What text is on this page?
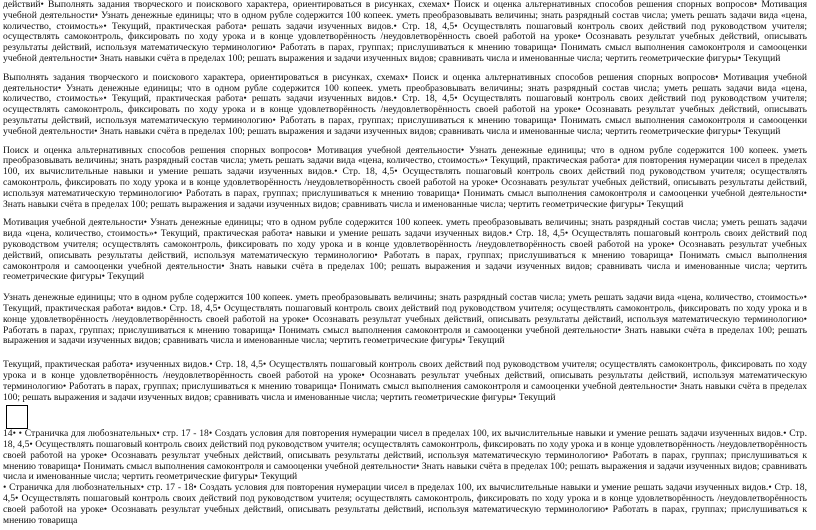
действий• Выполнять задания творческого и поискового характера, ориентироваться в рисунках, схемах• Поиск и оценка альтернативных способов решения спорных вопросов• Мотивация учебной деятельности• Узнать денежные единицы; что в одном рубле содержится 100 копеек. уметь преобразовывать величины; знать разрядный состав числа; уметь решать задачи вида «цена, количество, стоимость»• Текущий, практическая работа• решать задачи изученных видов.• Стр. 18, 4,5• Осуществлять пошаговый контроль своих действий под руководством учителя; осуществлять самоконтроль, фиксировать по ходу урока и в конце удовлетворённость /неудовлетворённость своей работой на уроке• Осознавать результат учебных действий, описывать результаты действий, используя математическую терминологию• Работать в парах, группах; прислушиваться к мнению товарища• Понимать смысл выполнения самоконтроля и самооценки учебной деятельности• Знать навыки счёта в пределах 100; решать выражения и задачи изученных видов; сравнивать числа и именованные числа; чертить геометрические фигуры• Текущий

Выполнять задания творческого и поискового характера, ориентироваться в рисунках, схемах• Поиск и оценка альтернативных способов решения спорных вопросов• Мотивация учебной деятельности• Узнать денежные единицы; что в одном рубле содержится 100 копеек. уметь преобразовывать величины; знать разрядный состав числа; уметь решать задачи вида «цена, количество, стоимость»• Текущий, практическая работа• решать задачи изученных видов.• Стр. 18, 4,5• Осуществлять пошаговый контроль своих действий под руководством учителя; осуществлять самоконтроль, фиксировать по ходу урока и в конце удовлетворённость /неудовлетворённость своей работой на уроке• Осознавать результат учебных действий, описывать результаты действий, используя математическую терминологию• Работать в парах, группах; прислушиваться к мнению товарища• Понимать смысл выполнения самоконтроля и самооценки учебной деятельности• Знать навыки счёта в пределах 100; решать выражения и задачи изученных видов; сравнивать числа и именованные числа; чертить геометрические фигуры• Текущий

Поиск и оценка альтернативных способов решения спорных вопросов• Мотивация учебной деятельности• Узнать денежные единицы; что в одном рубле содержится 100 копеек. уметь преобразовывать величины; знать разрядный состав числа; уметь решать задачи вида «цена, количество, стоимость»• Текущий, практическая работа• для повторения нумерации чисел в пределах 100, их вычислительные навыки и умение решать задачи изученных видов.• Стр. 18, 4,5• Осуществлять пошаговый контроль своих действий под руководством учителя; осуществлять самоконтроль, фиксировать по ходу урока и в конце удовлетворённость /неудовлетворённость своей работой на уроке• Осознавать результат учебных действий, описывать результаты действий, используя математическую терминологию• Работать в парах, группах; прислушиваться к мнению товарища• Понимать смысл выполнения самоконтроля и самооценки учебной деятельности• Знать навыки счёта в пределах 100; решать выражения и задачи изученных видов; сравнивать числа и именованные числа; чертить геометрические фигуры• Текущий

Мотивация учебной деятельности• Узнать денежные единицы; что в одном рубле содержится 100 копеек. уметь преобразовывать величины; знать разрядный состав числа; уметь решать задачи вида «цена, количество, стоимость»• Текущий, практическая работа• навыки и умение решать задачи изученных видов.• Стр. 18, 4,5• Осуществлять пошаговый контроль своих действий под руководством учителя; осуществлять самоконтроль, фиксировать по ходу урока и в конце удовлетворённость /неудовлетворённость своей работой на уроке• Осознавать результат учебных действий, описывать результаты действий, используя математическую терминологию• Работать в парах, группах; прислушиваться к мнению товарища• Понимать смысл выполнения самоконтроля и самооценки учебной деятельности• Знать навыки счёта в пределах 100; решать выражения и задачи изученных видов; сравнивать числа и именованные числа; чертить геометрические фигуры• Текущий

Узнать денежные единицы; что в одном рубле содержится 100 копеек. уметь преобразовывать величины; знать разрядный состав числа; уметь решать задачи вида «цена, количество, стоимость»• Текущий, практическая работа• видов.• Стр. 18, 4,5• Осуществлять пошаговый контроль своих действий под руководством учителя; осуществлять самоконтроль, фиксировать по ходу урока и в конце удовлетворённость /неудовлетворённость своей работой на уроке• Осознавать результат учебных действий, описывать результаты действий, используя математическую терминологию• Работать в парах, группах; прислушиваться к мнению товарища• Понимать смысл выполнения самоконтроля и самооценки учебной деятельности• Знать навыки счёта в пределах 100; решать выражения и задачи изученных видов; сравнивать числа и именованные числа; чертить геометрические фигуры• Текущий

Текущий, практическая работа• изученных видов.• Стр. 18, 4,5• Осуществлять пошаговый контроль своих действий под руководством учителя; осуществлять самоконтроль, фиксировать по ходу урока и в конце удовлетворённость /неудовлетворённость своей работой на уроке• Осознавать результат учебных действий, описывать результаты действий, используя математическую терминологию• Работать в парах, группах; прислушиваться к мнению товарища• Понимать смысл выполнения самоконтроля и самооценки учебной деятельности• Знать навыки счёта в пределах 100; решать выражения и задачи изученных видов; сравнивать числа и именованные числа; чертить геометрические фигуры• Текущий

14• • Страничка для любознательных• стр. 17 - 18• Создать условия для повторения нумерации чисел в пределах 100, их вычислительные навыки и умение решать задачи изученных видов.• Стр. 18, 4,5• Осуществлять пошаговый контроль своих действий под руководством учителя; осуществлять самоконтроль, фиксировать по ходу урока и в конце удовлетворённость /неудовлетворённость своей работой на уроке• Осознавать результат учебных действий, описывать результаты действий, используя математическую терминологию• Работать в парах, группах; прислушиваться к мнению товарища• Понимать смысл выполнения самоконтроля и самооценки учебной деятельности• Знать навыки счёта в пределах 100; решать выражения и задачи изученных видов; сравнивать числа и именованные числа; чертить геометрические фигуры• Текущий

• Страничка для любознательных• стр. 17 - 18• Создать условия для повторения нумерации чисел в пределах 100, их вычислительные навыки и умение решать задачи изученных видов.• Стр. 18, 4,5• Осуществлять пошаговый контроль своих действий под руководством учителя; осуществлять самоконтроль, фиксировать по ходу урока и в конце удовлетворённость /неудовлетворённость своей работой на уроке• Осознавать результат учебных действий, описывать результаты действий, используя математическую терминологию• Работать в парах, группах; прислушиваться к мнению товарища
